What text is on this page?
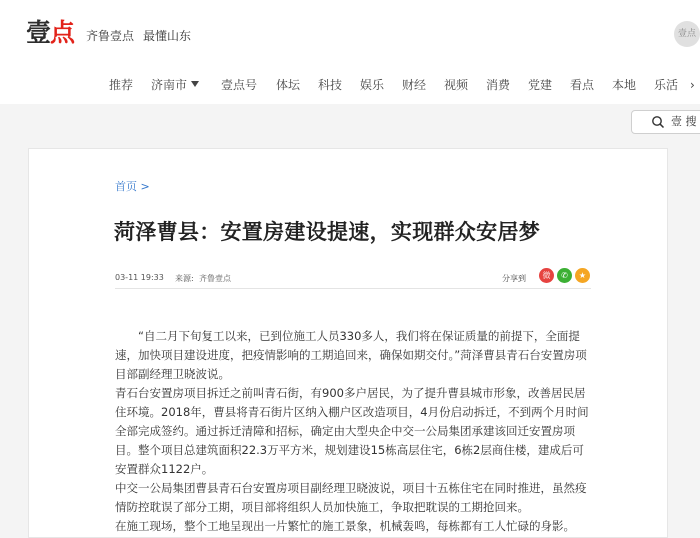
壹点 齐鲁壹点 最懂山东	壹点
推荐 济南市	壹点号 体坛 科技 娱乐 财经 视频 消费 党建 看点 本地 乐活 ›
壹 搜
首页 >
菏泽曹县：安置房建设提速，实现群众安居梦
03-11 19:33 来源: 齐鲁壹点	分享到	微	✆	★

“自二月下旬复工以来，已到位施工人员330多人，我们将在保证质量的前提下，全面提速，加快项目建设进度，把疫情影响的工期追回来，确保如期交付。”菏泽曹县青石台安置房项目部副经理卫晓波说。

青石台安置房项目拆迁之前叫青石街，有900多户居民，为了提升曹县城市形象，改善居民居住环境。2018年，曹县将青石街片区纳入棚户区改造项目，4月份启动拆迁，不到两个月时间全部完成签约。通过拆迁清障和招标，确定由大型央企中交一公局集团承建该回迁安置房项目。整个项目总建筑面积22.3万平方米，规划建设15栋高层住宅，6栋2层商住楼，建成后可安置群众1122户。

中交一公局集团曹县青石台安置房项目副经理卫晓波说，项目十五栋住宅在同时推进，虽然疫情防控耽误了部分工期，项目部将组织人员加快施工，争取把耽误的工期抢回来。

在施工现场，整个工地呈现出一片繁忙的施工景象，机械轰鸣，每栋都有工人忙碌的身影。
